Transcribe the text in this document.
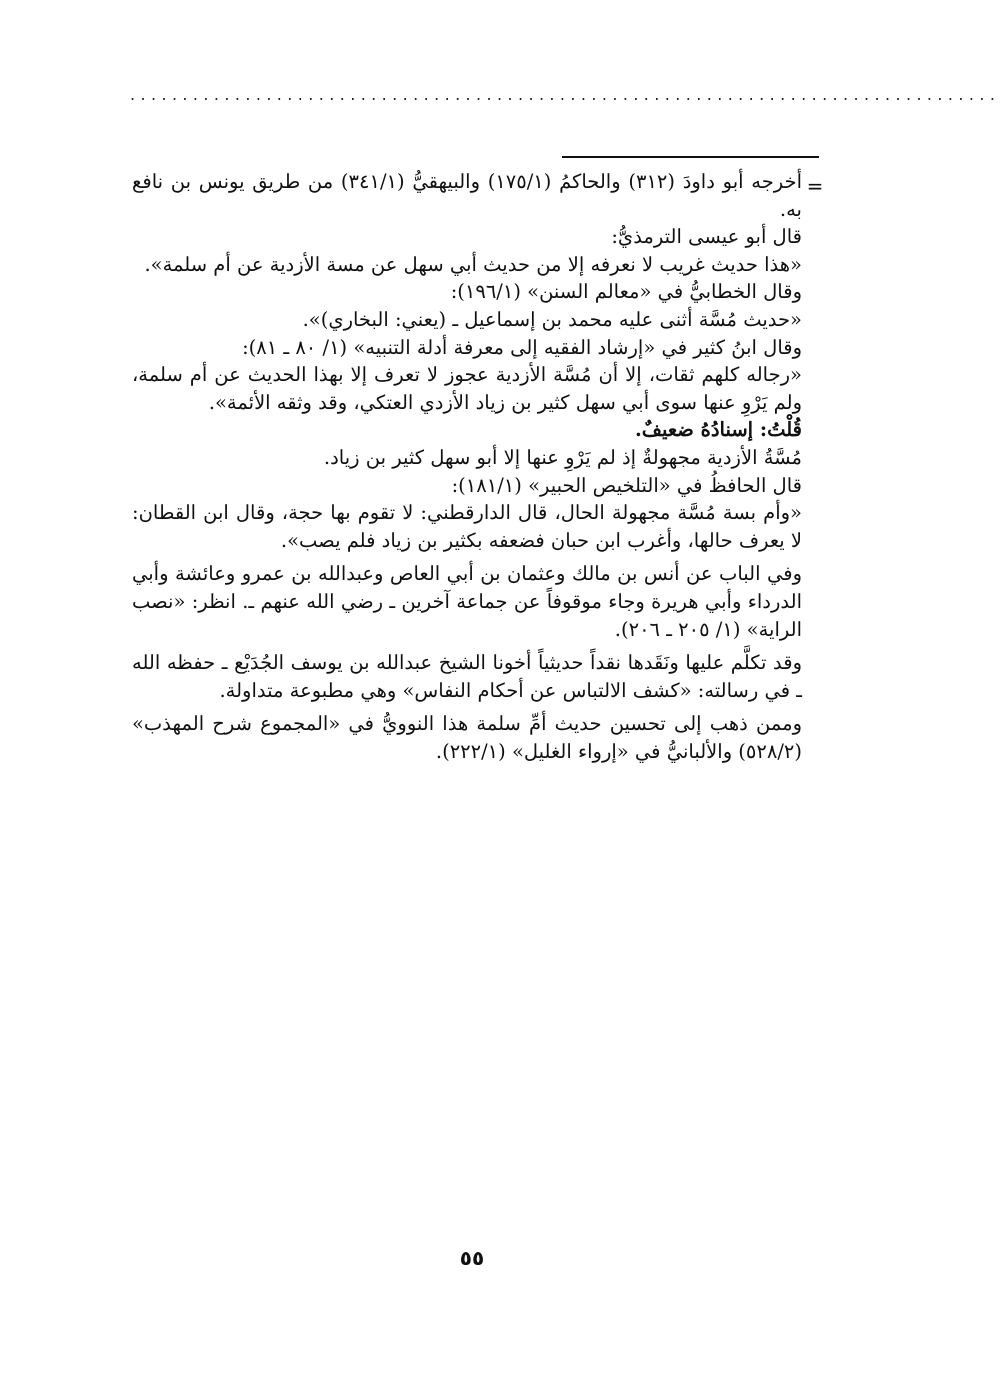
...................................................................................
=

أخرجه أبو داودَ (٣١٢) والحاكمُ (١٧٥/١) والبيهقيُّ (٣٤١/١) من طريق يونس بن نافع به.

قال أبو عيسى الترمذيُّ:

«هذا حديث غريب لا نعرفه إلا من حديث أبي سهل عن مسة الأزدية عن أم سلمة».

وقال الخطابيُّ في «معالم السنن» (١٩٦/١):

«حديث مُسَّة أثنى عليه محمد بن إسماعيل ـ (يعني: البخاري)».

وقال ابنُ كثير في «إرشاد الفقيه إلى معرفة أدلة التنبيه» (١/ ٨٠ ـ ٨١):

«رجاله كلهم ثقات، إلا أن مُسَّة الأزدية عجوز لا تعرف إلا بهذا الحديث عن أم سلمة، ولم يَرْوِ عنها سوى أبي سهل كثير بن زياد الأزدي العتكي، وقد وثقه الأئمة».

قُلْتُ: إسنادُهُ ضعيفٌ.

مُسَّةُ الأزدية مجهولةٌ إذ لم يَرْوِ عنها إلا أبو سهل كثير بن زياد.

قال الحافظُ في «التلخيص الحبير» (١٨١/١):

«وأم بسة مُسَّة مجهولة الحال، قال الدارقطني: لا تقوم بها حجة، وقال ابن القطان: لا يعرف حالها، وأغرب ابن حبان فضعفه بكثير بن زياد فلم يصب».

وفي الباب عن أنس بن مالك وعثمان بن أبي العاص وعبدالله بن عمرو وعائشة وأبي الدرداء وأبي هريرة وجاء موقوفاً عن جماعة آخرين ـ رضي الله عنهم ـ. انظر: «نصب الراية» (١/ ٢٠٥ ـ ٢٠٦).

وقد تكلَّم عليها ونَقَدها نقداً حديثياً أخونا الشيخ عبدالله بن يوسف الجُدَيْع ـ حفظه الله ـ في رسالته: «كشف الالتباس عن أحكام النفاس» وهي مطبوعة متداولة.

وممن ذهب إلى تحسين حديث أمِّ سلمة هذا النوويُّ في «المجموع شرح المهذب» (٥٢٨/٢) والألبانيُّ في «إرواء الغليل» (٢٢٢/١).

٥٥
